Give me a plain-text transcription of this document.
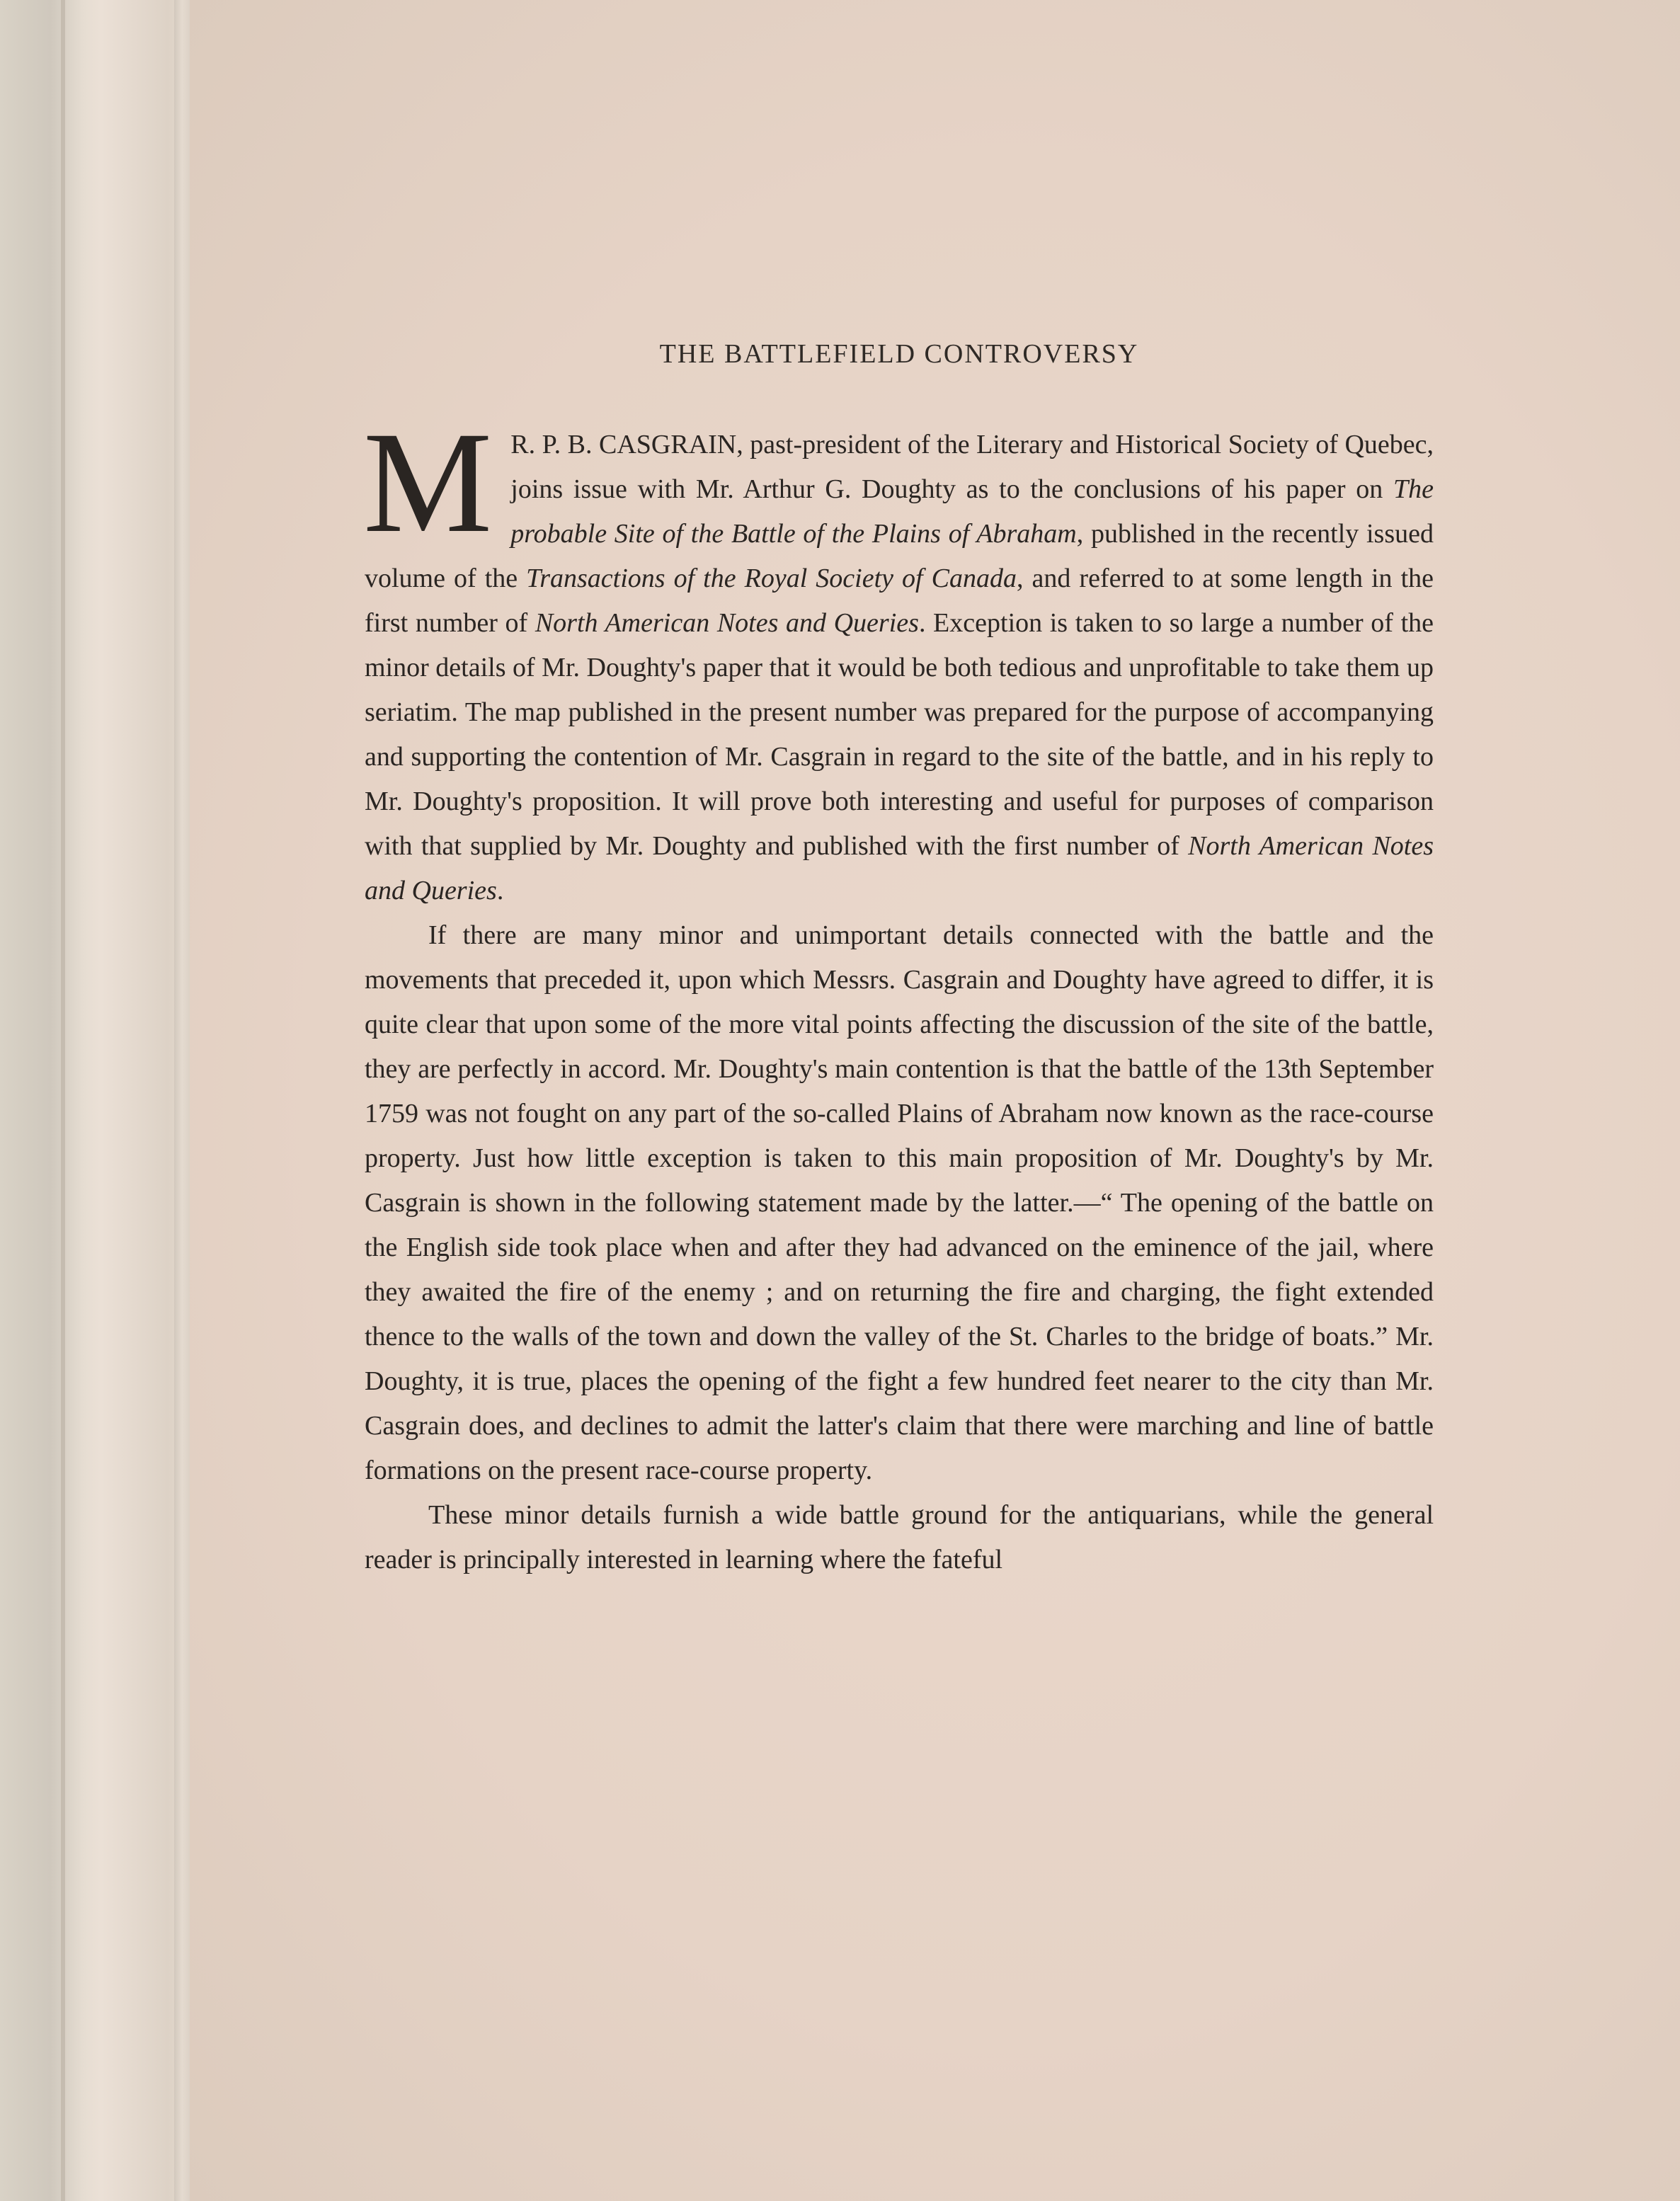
THE BATTLEFIELD CONTROVERSY

M R. P. B. CASGRAIN, past-president of the Literary and Historical Society of Quebec, joins issue with Mr. Arthur G. Doughty as to the conclusions of his paper on The probable Site of the Battle of the Plains of Abraham, published in the recently issued volume of the Transactions of the Royal Society of Canada, and referred to at some length in the first number of North American Notes and Queries. Exception is taken to so large a number of the minor details of Mr. Doughty's paper that it would be both tedious and unprofitable to take them up seriatim. The map published in the present number was prepared for the purpose of accompanying and supporting the contention of Mr. Casgrain in regard to the site of the battle, and in his reply to Mr. Doughty's proposition. It will prove both interesting and useful for purposes of comparison with that supplied by Mr. Doughty and published with the first number of North American Notes and Queries.

If there are many minor and unimportant details connected with the battle and the movements that preceded it, upon which Messrs. Casgrain and Doughty have agreed to differ, it is quite clear that upon some of the more vital points affecting the discussion of the site of the battle, they are perfectly in accord. Mr. Doughty's main contention is that the battle of the 13th September 1759 was not fought on any part of the so-called Plains of Abraham now known as the race-course property. Just how little exception is taken to this main proposition of Mr. Doughty's by Mr. Casgrain is shown in the following statement made by the latter.—“ The opening of the battle on the English side took place when and after they had advanced on the eminence of the jail, where they awaited the fire of the enemy ; and on returning the fire and charging, the fight extended thence to the walls of the town and down the valley of the St. Charles to the bridge of boats.” Mr. Doughty, it is true, places the opening of the fight a few hundred feet nearer to the city than Mr. Casgrain does, and declines to admit the latter's claim that there were marching and line of battle formations on the present race-course property.

These minor details furnish a wide battle ground for the antiquarians, while the general reader is principally interested in learning where the fateful
